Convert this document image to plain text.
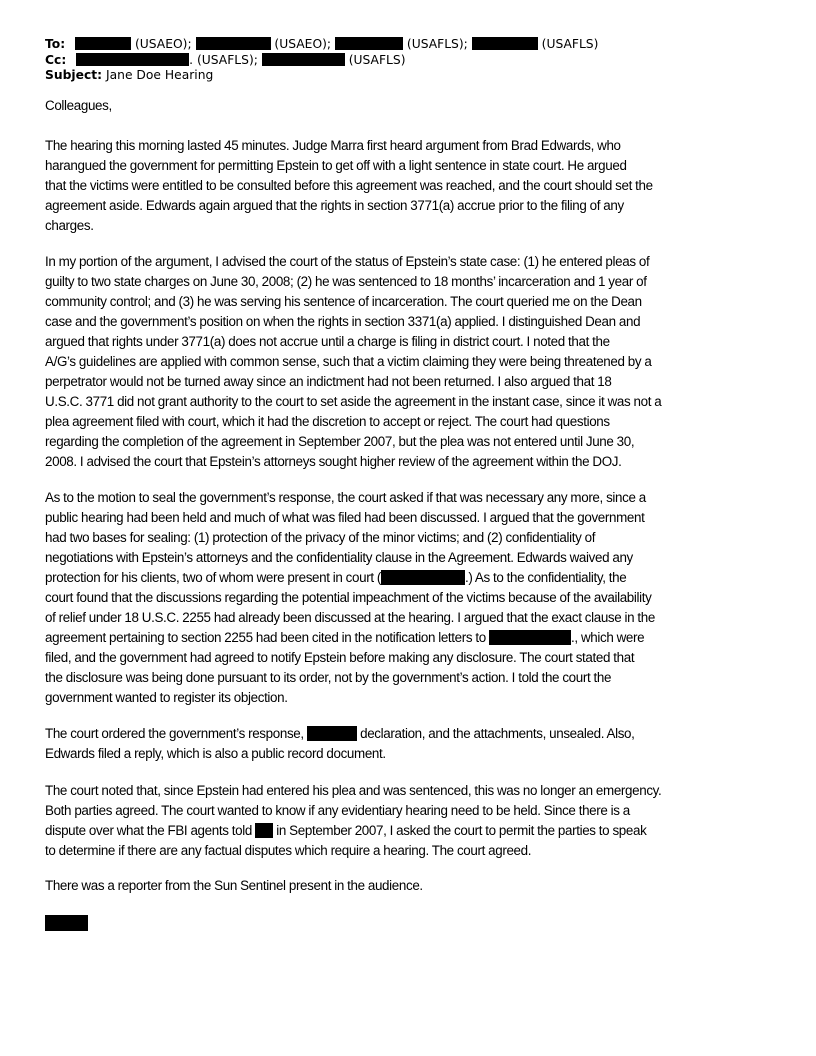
To:	(USAEO);	(USAEO);	(USAFLS);	(USAFLS)
Cc:	. (USAFLS);	(USAFLS)
Subject: Jane Doe Hearing
Colleagues,
The hearing this morning lasted 45 minutes. Judge Marra first heard argument from Brad Edwards, who
harangued the government for permitting Epstein to get off with a light sentence in state court. He argued
that the victims were entitled to be consulted before this agreement was reached, and the court should set the
agreement aside. Edwards again argued that the rights in section 3771(a) accrue prior to the filing of any
charges.
In my portion of the argument, I advised the court of the status of Epstein’s state case: (1) he entered pleas of
guilty to two state charges on June 30, 2008; (2) he was sentenced to 18 months’ incarceration and 1 year of
community control; and (3) he was serving his sentence of incarceration. The court queried me on the Dean
case and the government’s position on when the rights in section 3371(a) applied. I distinguished Dean and
argued that rights under 3771(a) does not accrue until a charge is filing in district court. I noted that the
A/G’s guidelines are applied with common sense, such that a victim claiming they were being threatened by a
perpetrator would not be turned away since an indictment had not been returned. I also argued that 18
U.S.C. 3771 did not grant authority to the court to set aside the agreement in the instant case, since it was not a
plea agreement filed with court, which it had the discretion to accept or reject. The court had questions
regarding the completion of the agreement in September 2007, but the plea was not entered until June 30,
2008. I advised the court that Epstein’s attorneys sought higher review of the agreement within the DOJ.
As to the motion to seal the government’s response, the court asked if that was necessary any more, since a
public hearing had been held and much of what was filed had been discussed. I argued that the government
had two bases for sealing: (1) protection of the privacy of the minor victims; and (2) confidentiality of
negotiations with Epstein’s attorneys and the confidentiality clause in the Agreement. Edwards waived any
protection for his clients, two of whom were present in court (	.) As to the confidentiality, the
court found that the discussions regarding the potential impeachment of the victims because of the availability
of relief under 18 U.S.C. 2255 had already been discussed at the hearing. I argued that the exact clause in the
agreement pertaining to section 2255 had been cited in the notification letters to	., which were
filed, and the government had agreed to notify Epstein before making any disclosure. The court stated that
the disclosure was being done pursuant to its order, not by the government’s action. I told the court the
government wanted to register its objection.
The court ordered the government’s response,	declaration, and the attachments, unsealed. Also,
Edwards filed a reply, which is also a public record document.
The court noted that, since Epstein had entered his plea and was sentenced, this was no longer an emergency.
Both parties agreed. The court wanted to know if any evidentiary hearing need to be held. Since there is a
dispute over what the FBI agents told  in September 2007, I asked the court to permit the parties to speak
to determine if there are any factual disputes which require a hearing. The court agreed.
There was a reporter from the Sun Sentinel present in the audience.
